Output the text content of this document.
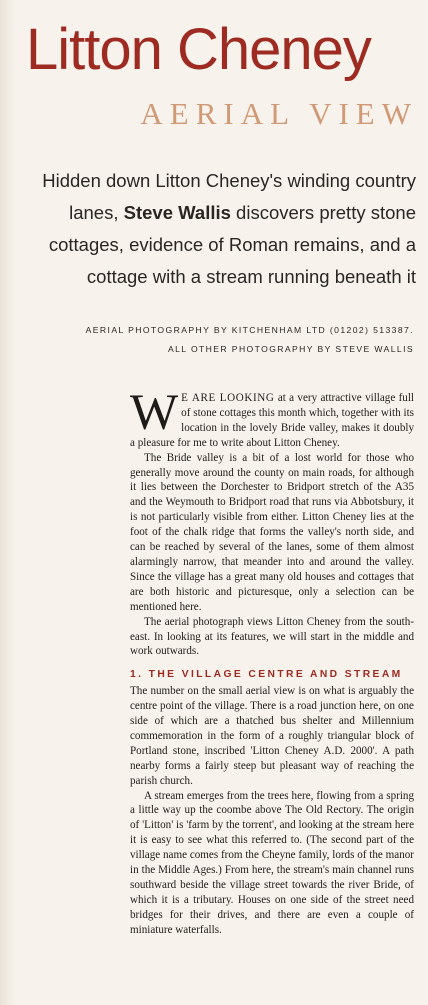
Litton Cheney
AERIAL VIEW
Hidden down Litton Cheney's winding country lanes, Steve Wallis discovers pretty stone cottages, evidence of Roman remains, and a cottage with a stream running beneath it
AERIAL PHOTOGRAPHY BY KITCHENHAM LTD (01202) 513387.
ALL OTHER PHOTOGRAPHY BY STEVE WALLIS

WE ARE LOOKING at a very attractive village full of stone cottages this month which, together with its location in the lovely Bride valley, makes it doubly a pleasure for me to write about Litton Cheney.

The Bride valley is a bit of a lost world for those who generally move around the county on main roads, for although it lies between the Dorchester to Bridport stretch of the A35 and the Weymouth to Bridport road that runs via Abbotsbury, it is not particularly visible from either. Litton Cheney lies at the foot of the chalk ridge that forms the valley's north side, and can be reached by several of the lanes, some of them almost alarmingly narrow, that meander into and around the valley. Since the village has a great many old houses and cottages that are both historic and picturesque, only a selection can be mentioned here.

The aerial photograph views Litton Cheney from the south-east. In looking at its features, we will start in the middle and work outwards.

1. THE VILLAGE CENTRE AND STREAM

The number on the small aerial view is on what is arguably the centre point of the village. There is a road junction here, on one side of which are a thatched bus shelter and Millennium commemoration in the form of a roughly triangular block of Portland stone, inscribed 'Litton Cheney A.D. 2000'. A path nearby forms a fairly steep but pleasant way of reaching the parish church.

A stream emerges from the trees here, flowing from a spring a little way up the coombe above The Old Rectory. The origin of 'Litton' is 'farm by the torrent', and looking at the stream here it is easy to see what this referred to. (The second part of the village name comes from the Cheyne family, lords of the manor in the Middle Ages.) From here, the stream's main channel runs southward beside the village street towards the river Bride, of which it is a tributary. Houses on one side of the street need bridges for their drives, and there are even a couple of miniature waterfalls.
